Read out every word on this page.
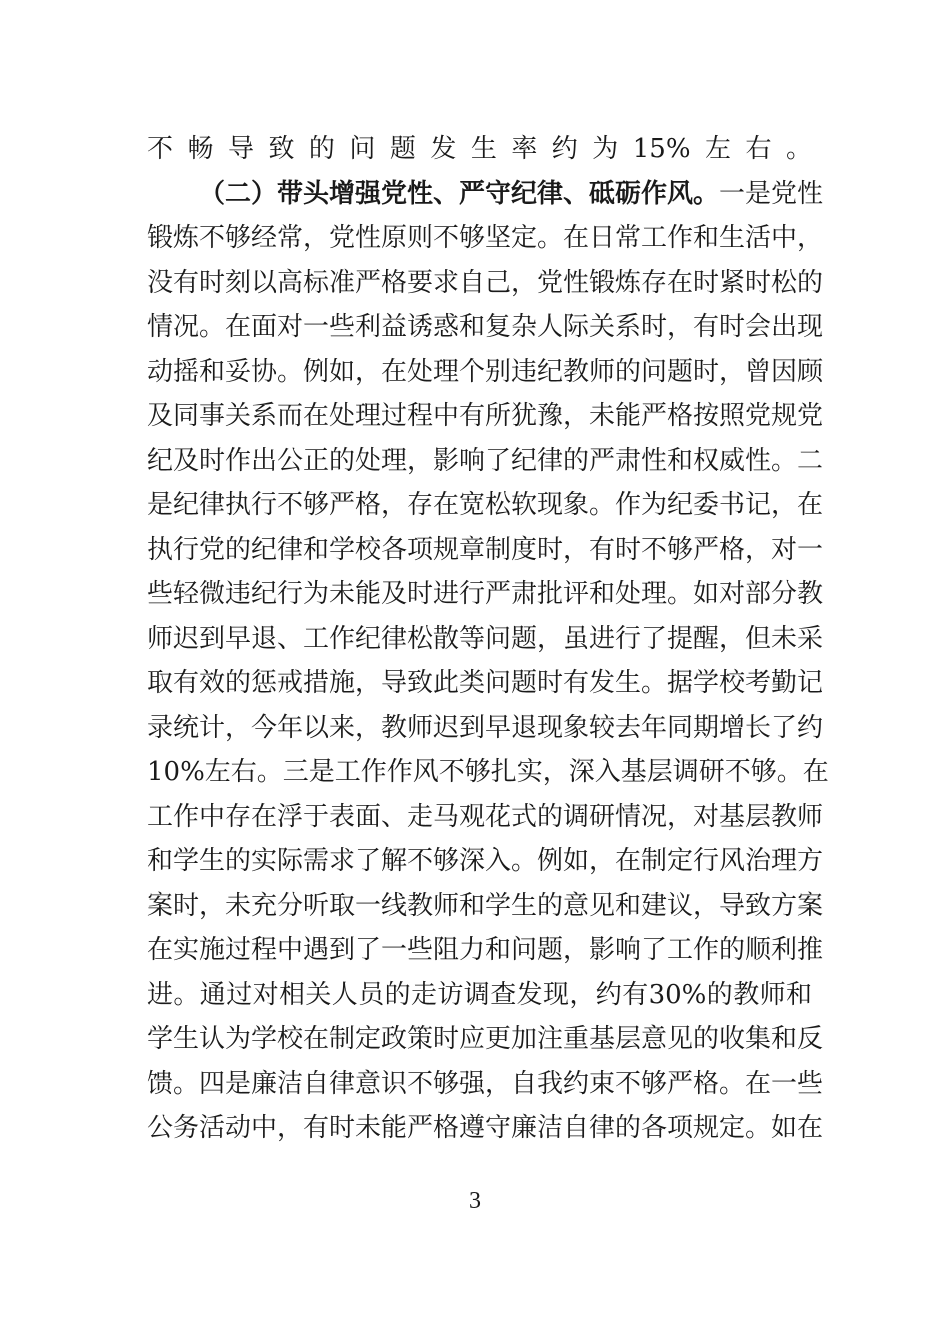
不畅导致的问题发生率约为15%左右。
（二）带头增强党性、严守纪律、砥砺作风。一是党性
锻炼不够经常，党性原则不够坚定。在日常工作和生活中，
没有时刻以高标准严格要求自己，党性锻炼存在时紧时松的
情况。在面对一些利益诱惑和复杂人际关系时，有时会出现
动摇和妥协。例如，在处理个别违纪教师的问题时，曾因顾
及同事关系而在处理过程中有所犹豫，未能严格按照党规党
纪及时作出公正的处理，影响了纪律的严肃性和权威性。二
是纪律执行不够严格，存在宽松软现象。作为纪委书记，在
执行党的纪律和学校各项规章制度时，有时不够严格，对一
些轻微违纪行为未能及时进行严肃批评和处理。如对部分教
师迟到早退、工作纪律松散等问题，虽进行了提醒，但未采
取有效的惩戒措施，导致此类问题时有发生。据学校考勤记
录统计，今年以来，教师迟到早退现象较去年同期增长了约
10%左右。三是工作作风不够扎实，深入基层调研不够。在
工作中存在浮于表面、走马观花式的调研情况，对基层教师
和学生的实际需求了解不够深入。例如，在制定行风治理方
案时，未充分听取一线教师和学生的意见和建议，导致方案
在实施过程中遇到了一些阻力和问题，影响了工作的顺利推
进。通过对相关人员的走访调查发现，约有30%的教师和
学生认为学校在制定政策时应更加注重基层意见的收集和反
馈。四是廉洁自律意识不够强，自我约束不够严格。在一些
公务活动中，有时未能严格遵守廉洁自律的各项规定。如在
3
